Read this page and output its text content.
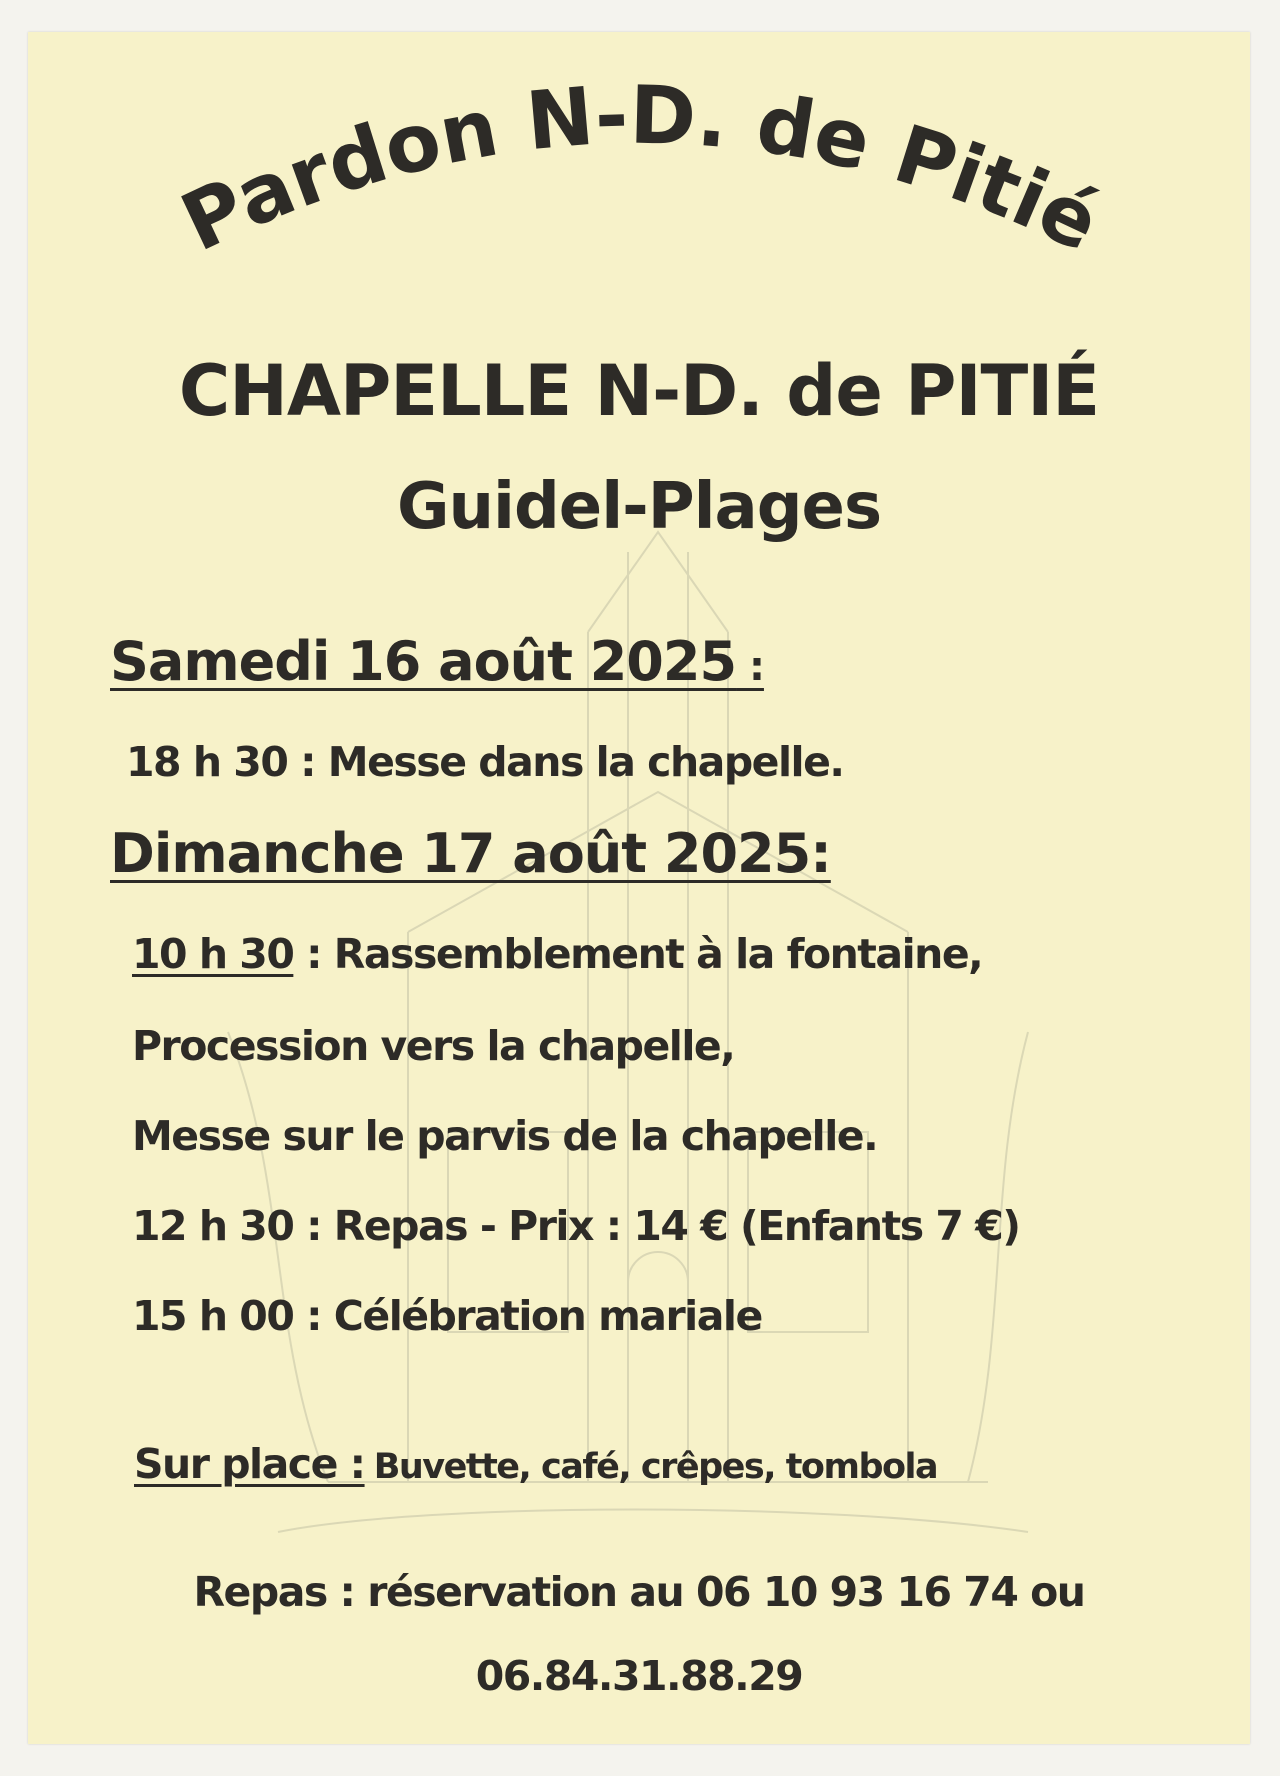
Pardon N-D. de Pitié

CHAPELLE N-D. de PITIÉ

Guidel-Plages

Samedi 16 août 2025 :

18 h 30 : Messe dans la chapelle.

Dimanche 17 août 2025:

10 h 30 : Rassemblement à la fontaine,

Procession vers la chapelle,

Messe sur le parvis de la chapelle.

12 h 30 : Repas - Prix : 14 € (Enfants 7 €)

15 h 00 : Célébration mariale

Sur place : Buvette, café, crêpes, tombola

Repas : réservation au 06 10 93 16 74 ou

06.84.31.88.29
